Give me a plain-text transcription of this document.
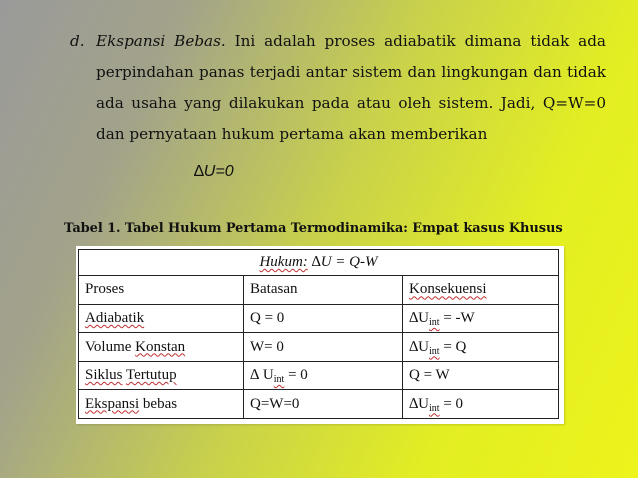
d. Ekspansi Bebas. Ini adalah proses adiabatik dimana tidak ada perpindahan panas terjadi antar sistem dan lingkungan dan tidak ada usaha yang dilakukan pada atau oleh sistem. Jadi, Q=W=0 dan pernyataan hukum pertama akan memberikan
∆U=0
Tabel 1. Tabel Hukum Pertama Termodinamika: Empat kasus Khusus
Hukum: ∆U = Q-W		
Proses	Batasan	Konsekuensi
Adiabatik	Q = 0	$\Delta U_{int} = -W$
Volume Konstan	W= 0	$\Delta U_{int} = Q$
Siklus Tertutup	∆ $U_{int} = 0$	Q = W
Ekspansi bebas	Q=W=0	$\Delta U_{int} = 0$
